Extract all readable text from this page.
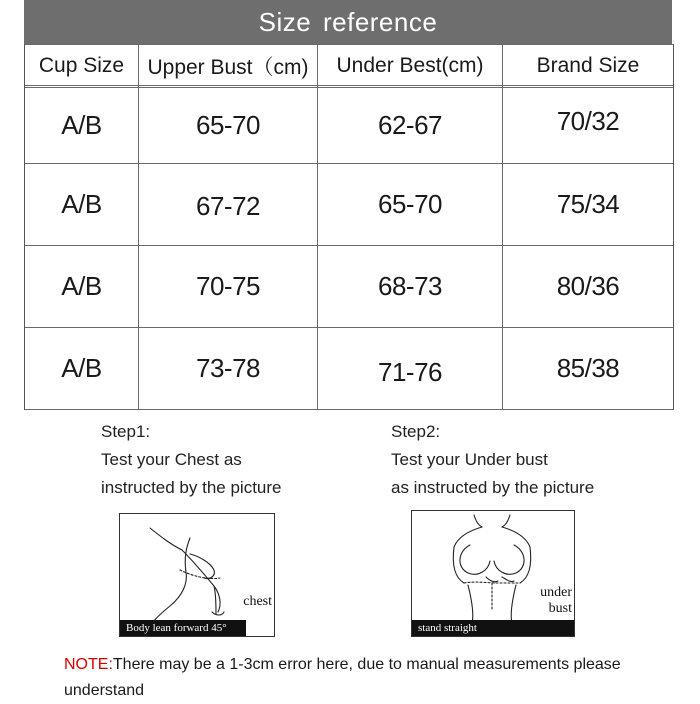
Size reference
Cup Size	Upper Bust（cm)	Under Best(cm)	Brand Size
A/B	65-70	62-67	70/32
A/B	67-72	65-70	75/34
A/B	70-75	68-73	80/36
A/B	73-78	71-76	85/38
Step1:
Test your Chest as
instructed by the picture
Step2:
Test your Under bust
as instructed by the picture
chest
Body lean forward 45°
under
bust
stand straight
NOTE:There may be a 1-3cm error here, due to manual measurements please understand
